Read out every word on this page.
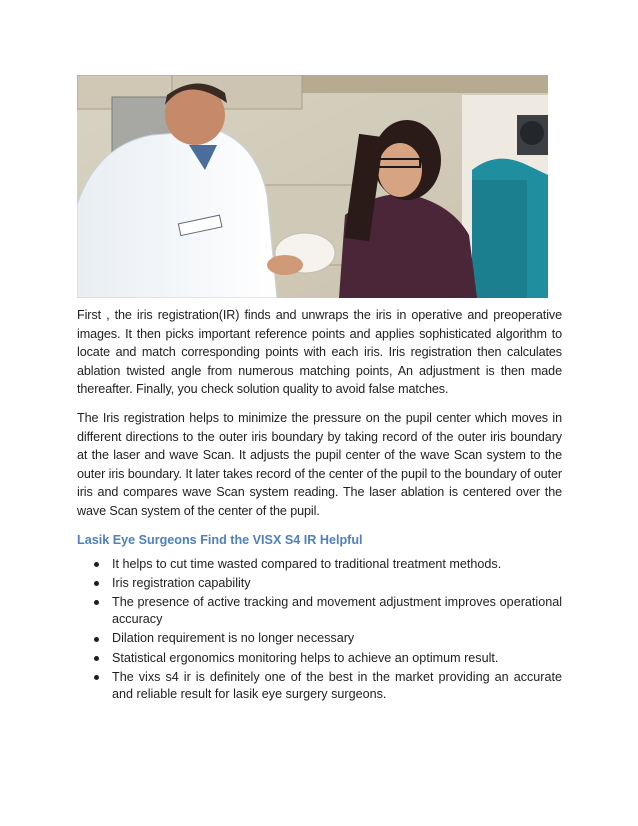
First , the iris registration(IR) finds and unwraps the iris in operative and preoperative images. It then picks important reference points and applies sophisticated algorithm to locate and match corresponding points with each iris. Iris registration then calculates ablation twisted angle from numerous matching points, An adjustment is then made thereafter. Finally, you check solution quality to avoid false matches.

The Iris registration helps to minimize the pressure on the pupil center which moves in different directions to the outer iris boundary by taking record of the outer iris boundary at the laser and wave Scan. It adjusts the pupil center of the wave Scan system to the outer iris boundary. It later takes record of the center of the pupil to the boundary of outer iris and compares wave Scan system reading. The laser ablation is centered over the wave Scan system of the center of the pupil.

Lasik Eye Surgeons Find the VISX S4 IR Helpful
It helps to cut time wasted compared to traditional treatment methods.
Iris registration capability
The presence of active tracking and movement adjustment improves operational accuracy
Dilation requirement is no longer necessary
Statistical ergonomics monitoring helps to achieve an optimum result.
The vixs s4 ir is definitely one of the best in the market providing an accurate and reliable result for lasik eye surgery surgeons.
